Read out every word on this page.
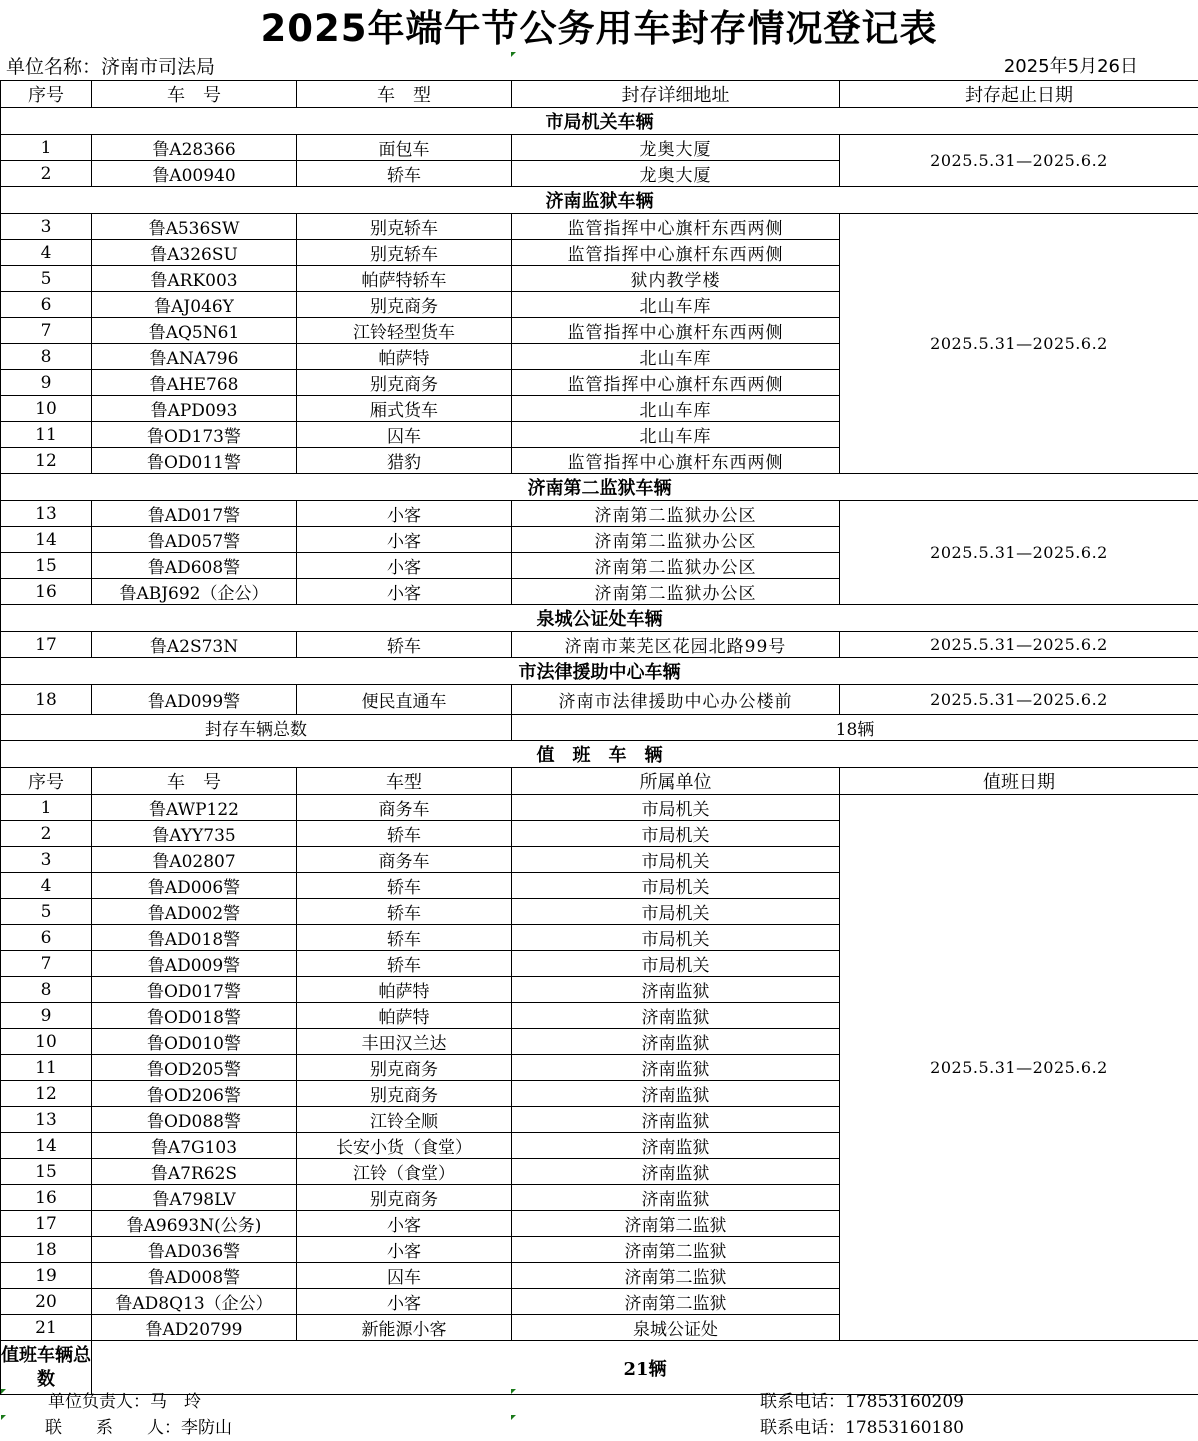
2025年端午节公务用车封存情况登记表
单位名称：济南市司法局	2025年5月26日
序号	车　号	车　型	封存详细地址	封存起止日期
市局机关车辆				
1	鲁A28366	面包车	龙奥大厦	2025.5.31—2025.6.2
2	鲁A00940	轿车	龙奥大厦	
济南监狱车辆				
3	鲁A536SW	别克轿车	监管指挥中心旗杆东西两侧	2025.5.31—2025.6.2
4	鲁A326SU	别克轿车	监管指挥中心旗杆东西两侧	
5	鲁ARK003	帕萨特轿车	狱内教学楼	
6	鲁AJ046Y	别克商务	北山车库	
7	鲁AQ5N61	江铃轻型货车	监管指挥中心旗杆东西两侧	
8	鲁ANA796	帕萨特	北山车库	
9	鲁AHE768	别克商务	监管指挥中心旗杆东西两侧	
10	鲁APD093	厢式货车	北山车库	
11	鲁OD173警	囚车	北山车库	
12	鲁OD011警	猎豹	监管指挥中心旗杆东西两侧	
济南第二监狱车辆				
13	鲁AD017警	小客	济南第二监狱办公区	2025.5.31—2025.6.2
14	鲁AD057警	小客	济南第二监狱办公区	
15	鲁AD608警	小客	济南第二监狱办公区	
16	鲁ABJ692（企公）	小客	济南第二监狱办公区	
泉城公证处车辆				
17	鲁A2S73N	轿车	济南市莱芜区花园北路99号	2025.5.31—2025.6.2
市法律援助中心车辆				
18	鲁AD099警	便民直通车	济南市法律援助中心办公楼前	2025.5.31—2025.6.2
封存车辆总数			18辆	
值　班　车　辆				
序号	车　号	车型	所属单位	值班日期
1	鲁AWP122	商务车	市局机关	2025.5.31—2025.6.2
2	鲁AYY735	轿车	市局机关	
3	鲁A02807	商务车	市局机关	
4	鲁AD006警	轿车	市局机关	
5	鲁AD002警	轿车	市局机关	
6	鲁AD018警	轿车	市局机关	
7	鲁AD009警	轿车	市局机关	
8	鲁OD017警	帕萨特	济南监狱	
9	鲁OD018警	帕萨特	济南监狱	
10	鲁OD010警	丰田汉兰达	济南监狱	
11	鲁OD205警	别克商务	济南监狱	
12	鲁OD206警	别克商务	济南监狱	
13	鲁OD088警	江铃全顺	济南监狱	
14	鲁A7G103	长安小货（食堂）	济南监狱	
15	鲁A7R62S	江铃（食堂）	济南监狱	
16	鲁A798LV	别克商务	济南监狱	
17	鲁A9693N(公务)	小客	济南第二监狱	
18	鲁AD036警	小客	济南第二监狱	
19	鲁AD008警	囚车	济南第二监狱	
20	鲁AD8Q13（企公）	小客	济南第二监狱	
21	鲁AD20799	新能源小客	泉城公证处	
值班车辆总数	21辆			
单位负责人：马　玲	联系电话：17853160209
联　　系　　人：李防山	联系电话：17853160180
